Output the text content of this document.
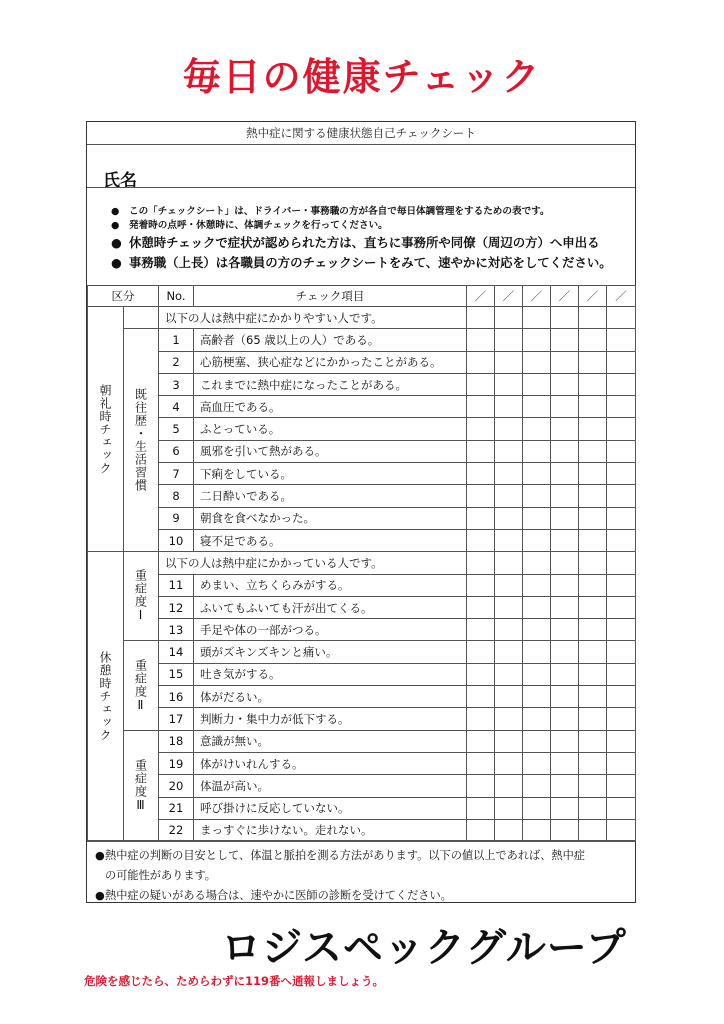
毎日の健康チェック
熱中症に関する健康状態自己チェックシート
氏名
● この「チェックシート」は、ドライバー・事務職の方が各自で毎日体調管理をするための表です。
● 発着時の点呼・休憩時に、体調チェックを行ってください。
● 休憩時チェックで症状が認められた方は、直ちに事務所や同僚（周辺の方）へ申出る
● 事務職（上長）は各職員の方のチェックシートをみて、速やかに対応をしてください。
区分		No.	チェック項目	／	／	／	／	／	／
朝礼時チェック		以下の人は熱中症にかかりやすい人です。							
	既往歴・生活習慣	1	高齢者（65 歳以上の人）である。						
		2	心筋梗塞、狭心症などにかかったことがある。						
		3	これまでに熱中症になったことがある。						
		4	高血圧である。						
		5	ふとっている。						
		6	風邪を引いて熱がある。						
		7	下痢をしている。						
		8	二日酔いである。						
		9	朝食を食べなかった。						
		10	寝不足である。						
休憩時チェック	重症度Ⅰ	以下の人は熱中症にかかっている人です。							
		11	めまい、立ちくらみがする。						
		12	ふいてもふいても汗が出てくる。						
		13	手足や体の一部がつる。						
	重症度Ⅱ	14	頭がズキンズキンと痛い。						
		15	吐き気がする。						
		16	体がだるい。						
		17	判断力・集中力が低下する。						
	重症度Ⅲ	18	意識が無い。						
		19	体がけいれんする。						
		20	体温が高い。						
		21	呼び掛けに反応していない。						
		22	まっすぐに歩けない。走れない。						
● 熱中症の判断の目安として、体温と脈拍を測る方法があります。以下の値以上であれば、熱中症
の可能性があります。
● 熱中症の疑いがある場合は、速やかに医師の診断を受けてください。
ロジスペックグループ
危険を感じたら、ためらわずに119番へ通報しましょう。
